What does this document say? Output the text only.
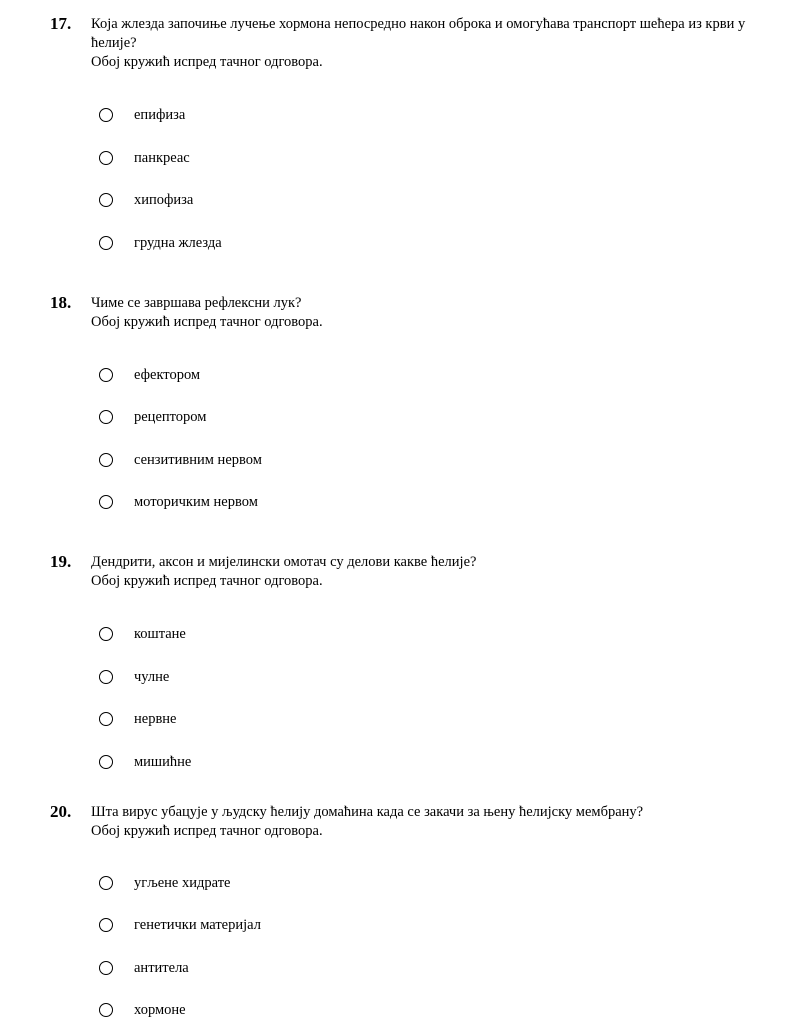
17. Која жлезда започиње лучење хормона непосредно након оброка и омогућава транспорт шећера из крви у
ћелије?
Обој кружић испред тачног одговора.
епифиза
панкреас
хипофиза
грудна жлезда
18. Чиме се завршава рефлексни лук?
Обој кружић испред тачног одговора.
ефектором
рецептором
сензитивним нервом
моторичким нервом
19. Дендрити, аксон и мијелински омотач су делови какве ћелије?
Обој кружић испред тачног одговора.
коштане
чулне
нервне
мишићне
20. Шта вирус убацује у људску ћелију домаћина када се закачи за њену ћелијску мембрану?
Обој кружић испред тачног одговора.
угљене хидрате
генетички материјал
антитела
хормоне
